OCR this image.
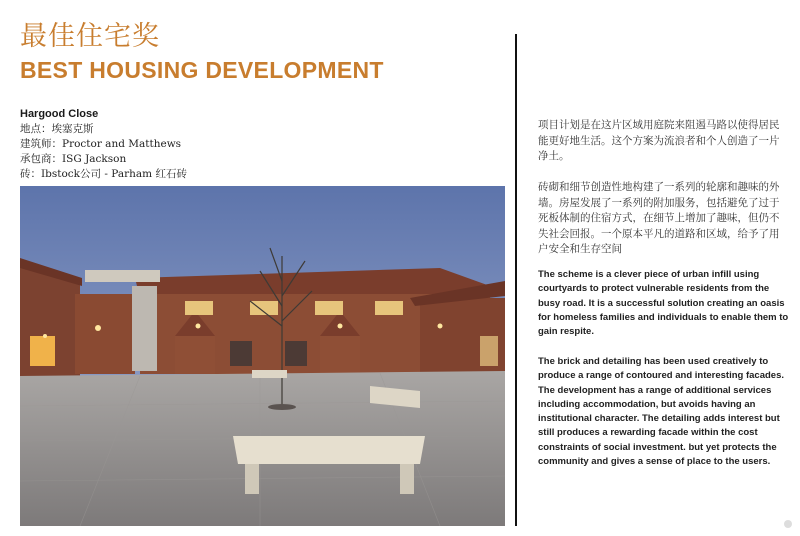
最佳住宅奖
BEST HOUSING DEVELOPMENT
Hargood Close
地点：埃塞克斯
建筑师：Proctor and Matthews
承包商：ISG Jackson
砖：Ibstock公司 - Parham 红石砖
项目计划是在这片区域用庭院来阻遏马路以使得居民能更好地生活。这个方案为流浪者和个人创造了一片净土。
砖砌和细节创造性地构建了一系列的轮廓和趣味的外墙。房屋发展了一系列的附加服务，包括避免了过于死板体制的住宿方式，在细节上增加了趣味，但仍不失社会回报。一个原本平凡的道路和区域，给予了用户安全和生存空间
The scheme is a clever piece of urban infill using courtyards to protect vulnerable residents from the busy road. It is a successful solution creating an oasis for homeless families and individuals to enable them to gain respite.
The brick and detailing has been used creatively to produce a range of contoured and interesting facades. The development has a range of additional services including accommodation, but avoids having an institutional character. The detailing adds interest but still produces a rewarding facade within the cost constraints of social investment. but yet protects the community and gives a sense of place to the users.
